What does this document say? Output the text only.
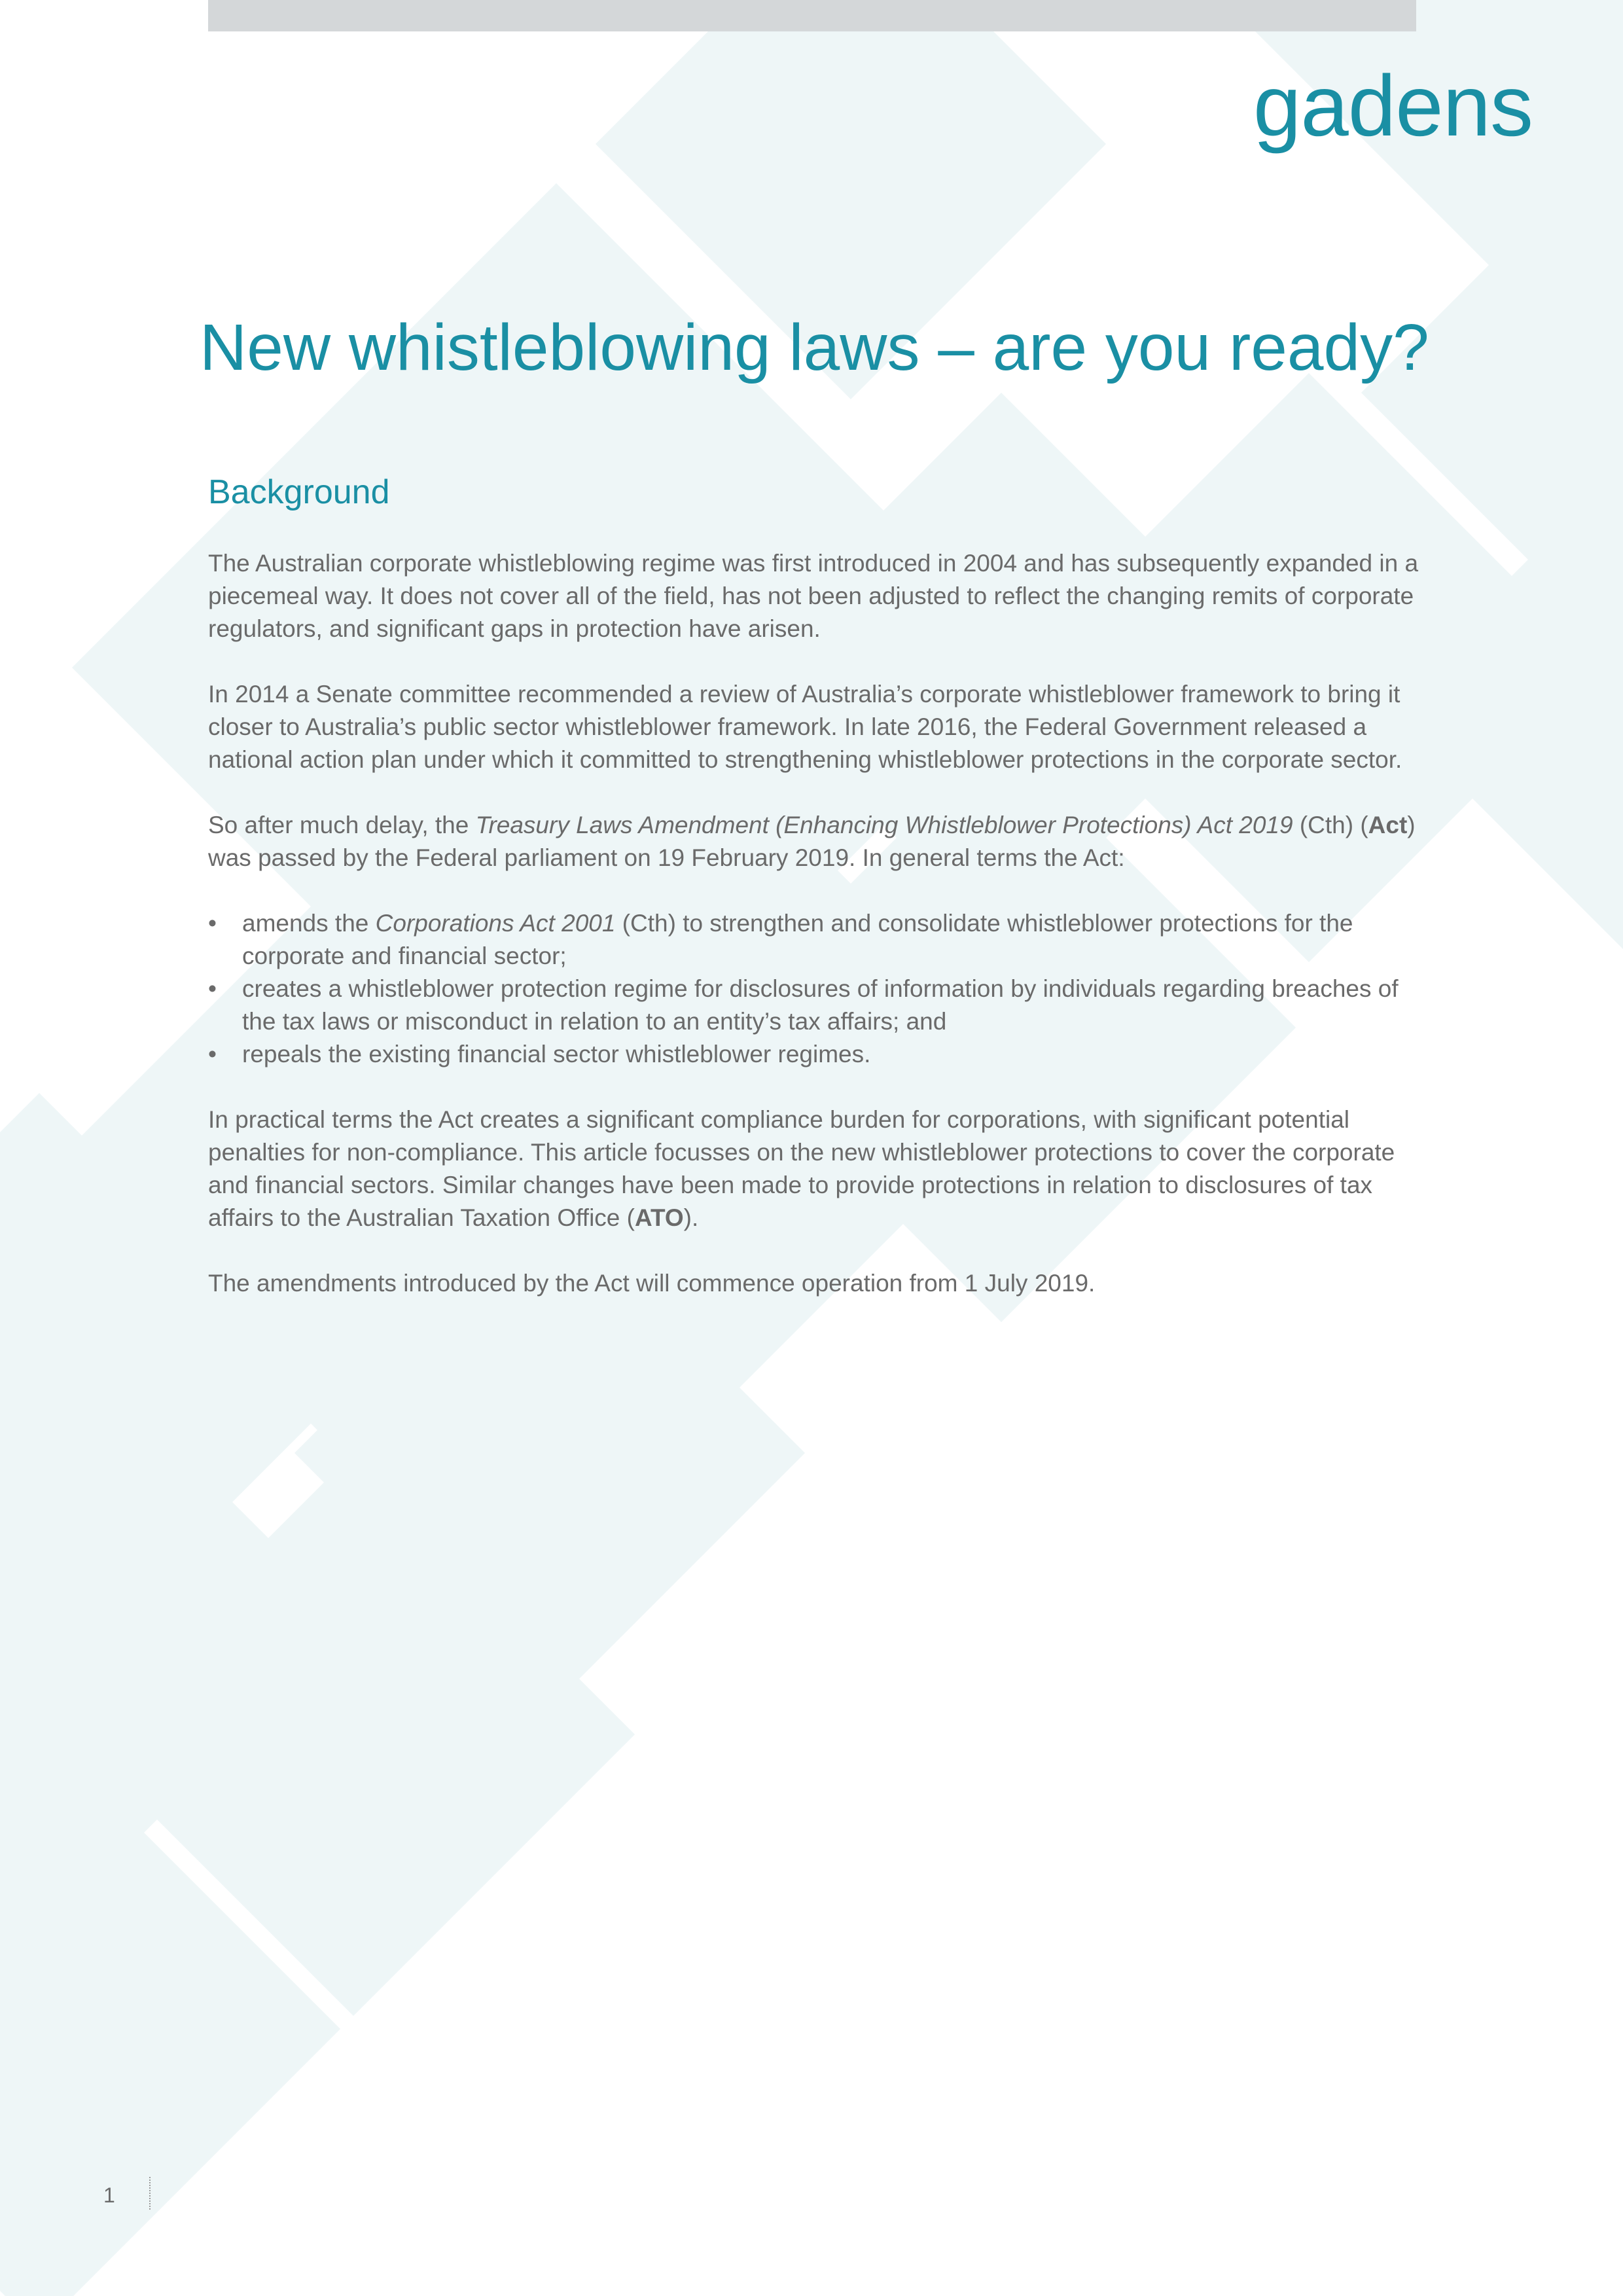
gadens
New whistleblowing laws – are you ready?
Background

The Australian corporate whistleblowing regime was first introduced in 2004 and has subsequently expanded in a piecemeal way. It does not cover all of the field, has not been adjusted to reflect the changing remits of corporate regulators, and significant gaps in protection have arisen.

In 2014 a Senate committee recommended a review of Australia’s corporate whistleblower framework to bring it closer to Australia’s public sector whistleblower framework. In late 2016, the Federal Government released a national action plan under which it committed to strengthening whistleblower protections in the corporate sector.

So after much delay, the Treasury Laws Amendment (Enhancing Whistleblower Protections) Act 2019 (Cth) (Act) was passed by the Federal parliament on 19 February 2019. In general terms the Act:

• amends the Corporations Act 2001 (Cth) to strengthen and consolidate whistleblower protections for the corporate and financial sector;
• creates a whistleblower protection regime for disclosures of information by individuals regarding breaches of the tax laws or misconduct in relation to an entity’s tax affairs; and
• repeals the existing financial sector whistleblower regimes.

In practical terms the Act creates a significant compliance burden for corporations, with significant potential penalties for non-compliance. This article focusses on the new whistleblower protections to cover the corporate and financial sectors. Similar changes have been made to provide protections in relation to disclosures of tax affairs to the Australian Taxation Office (ATO).

The amendments introduced by the Act will commence operation from 1 July 2019.

1
